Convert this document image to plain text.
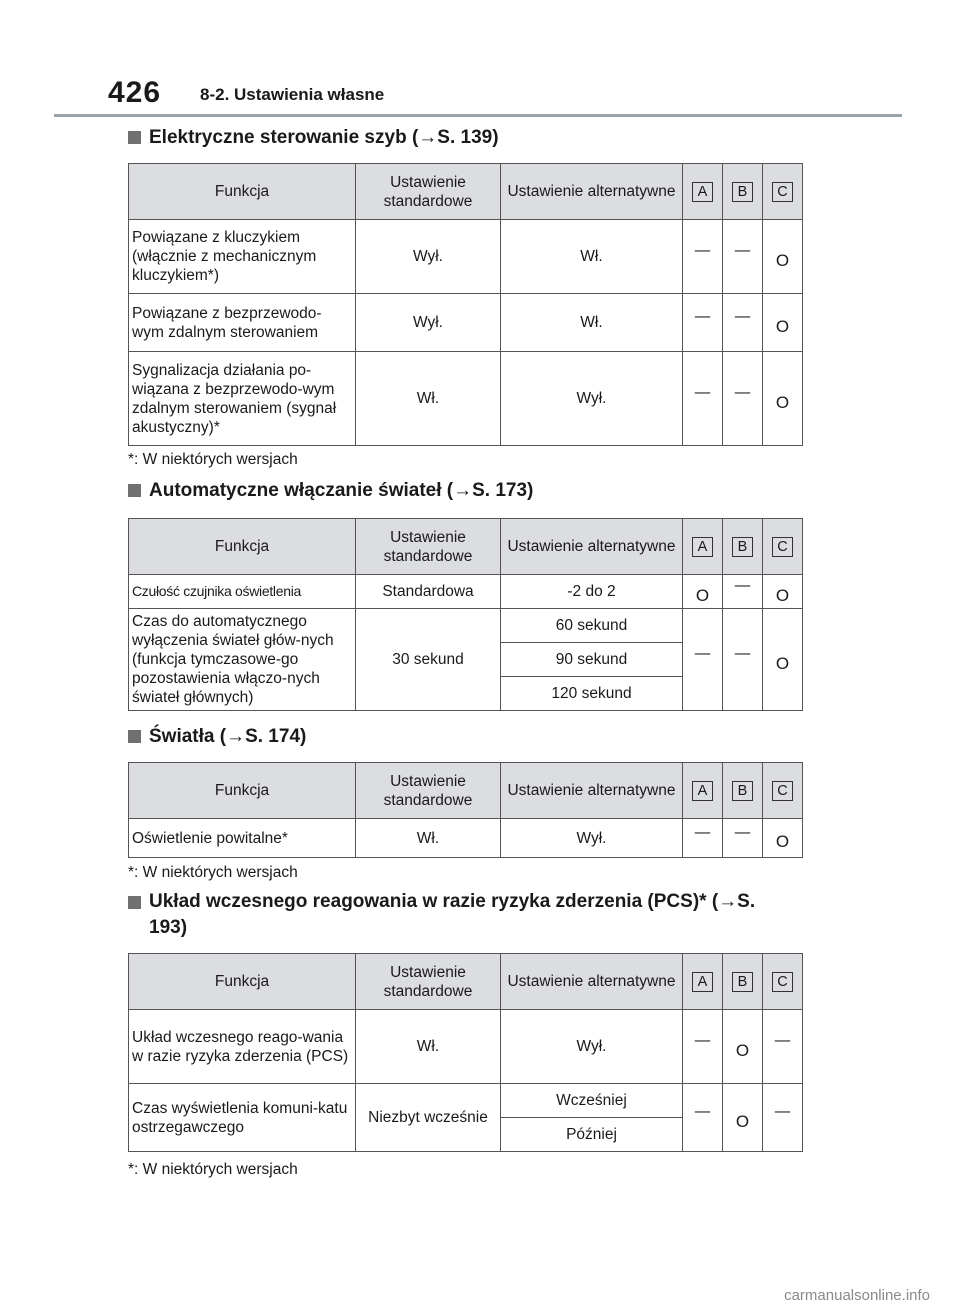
426 8-2. Ustawienia własne
Elektryczne sterowanie szyb (→S. 139)
Funkcja	Ustawienie standardowe	Ustawienie alternatywne	A	B	C
Powiązane z kluczykiem (włącznie z mechanicznym kluczykiem*)	Wył.	Wł.	—	—	O
Powiązane z bezprzewodo-wym zdalnym sterowaniem	Wył.	Wł.	—	—	O
Sygnalizacja działania po-wiązana z bezprzewodo-wym zdalnym sterowaniem (sygnał akustyczny)*	Wł.	Wył.	—	—	O
*: W niektórych wersjach
Automatyczne włączanie świateł (→S. 173)
Funkcja	Ustawienie standardowe	Ustawienie alternatywne	A	B	C
Czułość czujnika oświetlenia	Standardowa	-2 do 2	O	—	O
Czas do automatycznego wyłączenia świateł głów-nych (funkcja tymczasowe-go pozostawienia włączo-nych świateł głównych)	30 sekund	60 sekund	—	—	O
		90 sekund			
		120 sekund			
Światła (→S. 174)
Funkcja	Ustawienie standardowe	Ustawienie alternatywne	A	B	C
Oświetlenie powitalne*	Wł.	Wył.	—	—	O
*: W niektórych wersjach
Układ wczesnego reagowania w razie ryzyka zderzenia (PCS)* (→S. 193)
Funkcja	Ustawienie standardowe	Ustawienie alternatywne	A	B	C
Układ wczesnego reago-wania w razie ryzyka zderzenia (PCS)	Wł.	Wył.	—	O	—
Czas wyświetlenia komuni-katu ostrzegawczego	Niezbyt wcześnie	Wcześniej	—	O	—
		Później			
*: W niektórych wersjach
carmanualsonline.info
